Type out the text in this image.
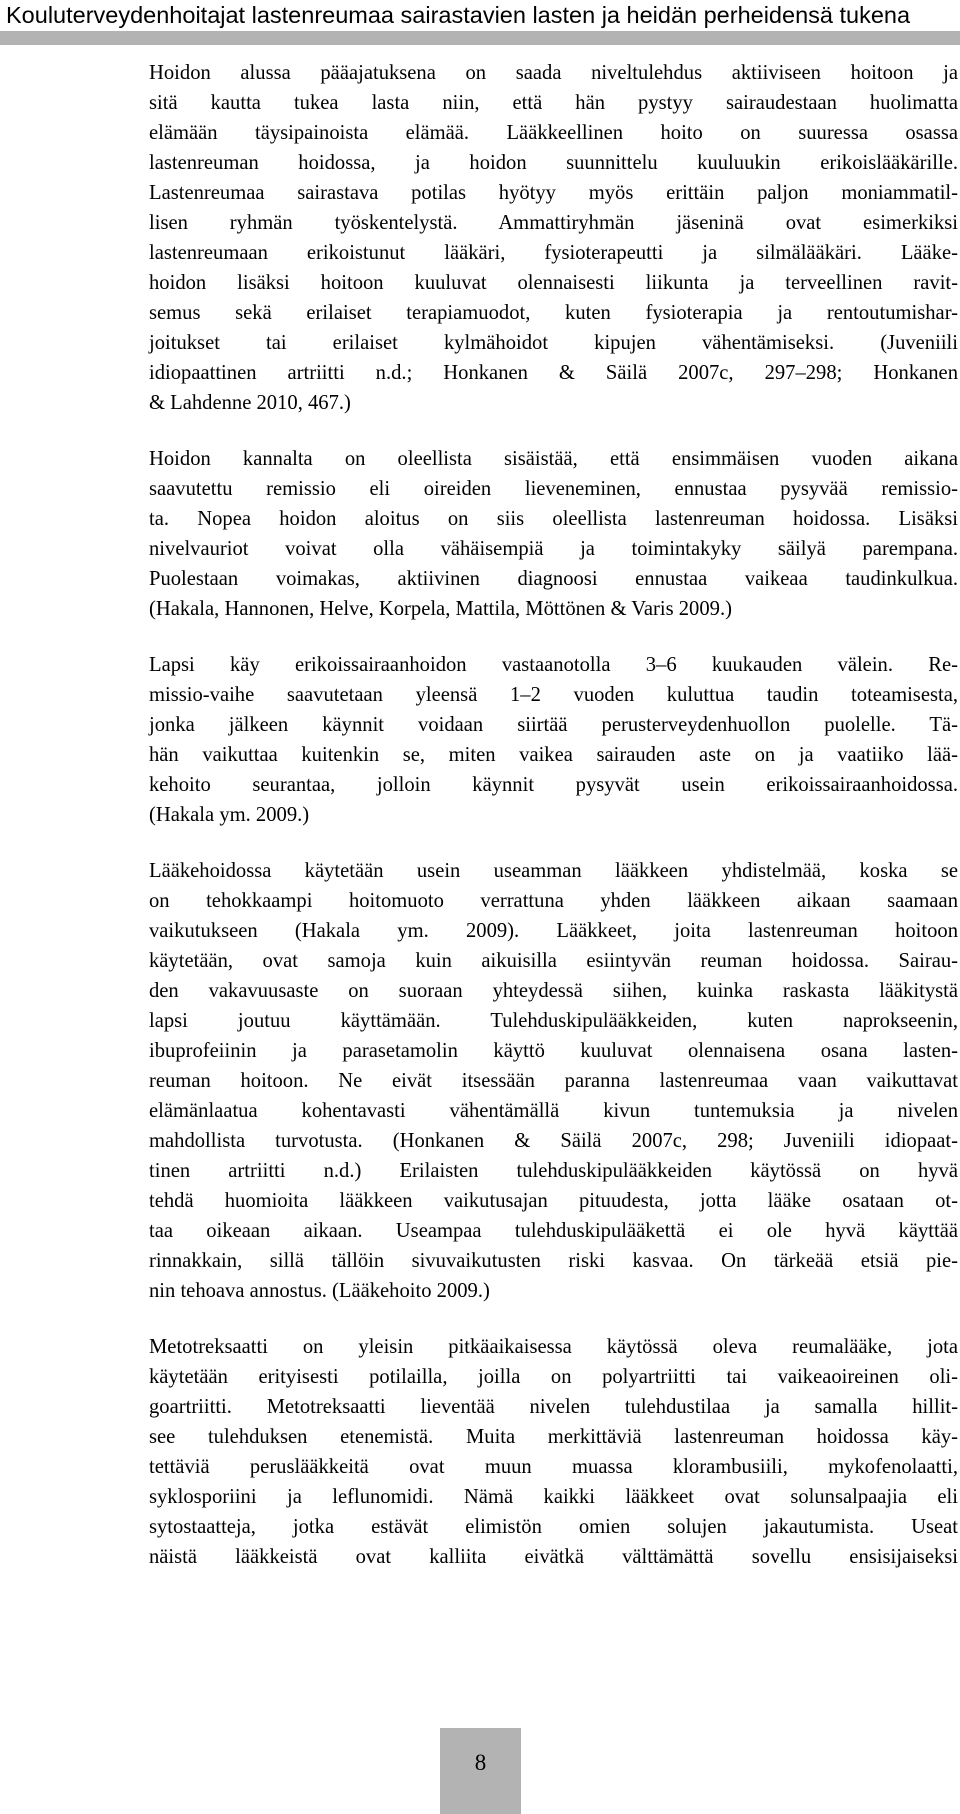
Kouluterveydenhoitajat lastenreumaa sairastavien lasten ja heidän perheidensä tukena

Hoidon alussa pääajatuksena on saada niveltulehdus aktiiviseen hoitoon ja
sitä kautta tukea lasta niin, että hän pystyy sairaudestaan huolimatta
elämään täysipainoista elämää. Lääkkeellinen hoito on suuressa osassa
lastenreuman hoidossa, ja hoidon suunnittelu kuuluukin erikoislääkärille.
Lastenreumaa sairastava potilas hyötyy myös erittäin paljon moniammatil-
lisen ryhmän työskentelystä. Ammattiryhmän jäseninä ovat esimerkiksi
lastenreumaan erikoistunut lääkäri, fysioterapeutti ja silmälääkäri. Lääke-
hoidon lisäksi hoitoon kuuluvat olennaisesti liikunta ja terveellinen ravit-
semus sekä erilaiset terapiamuodot, kuten fysioterapia ja rentoutumishar-
joitukset tai erilaiset kylmähoidot kipujen vähentämiseksi. (Juveniili
idiopaattinen artriitti n.d.; Honkanen & Säilä 2007c, 297–298; Honkanen
& Lahdenne 2010, 467.)

Hoidon kannalta on oleellista sisäistää, että ensimmäisen vuoden aikana
saavutettu remissio eli oireiden lieveneminen, ennustaa pysyvää remissio-
ta. Nopea hoidon aloitus on siis oleellista lastenreuman hoidossa. Lisäksi
nivelvauriot voivat olla vähäisempiä ja toimintakyky säilyä parempana.
Puolestaan voimakas, aktiivinen diagnoosi ennustaa vaikeaa taudinkulkua.
(Hakala, Hannonen, Helve, Korpela, Mattila, Möttönen & Varis 2009.)

Lapsi käy erikoissairaanhoidon vastaanotolla 3–6 kuukauden välein. Re-
missio-vaihe saavutetaan yleensä 1–2 vuoden kuluttua taudin toteamisesta,
jonka jälkeen käynnit voidaan siirtää perusterveydenhuollon puolelle. Tä-
hän vaikuttaa kuitenkin se, miten vaikea sairauden aste on ja vaatiiko lää-
kehoito seurantaa, jolloin käynnit pysyvät usein erikoissairaanhoidossa.
(Hakala ym. 2009.)

Lääkehoidossa käytetään usein useamman lääkkeen yhdistelmää, koska se
on tehokkaampi hoitomuoto verrattuna yhden lääkkeen aikaan saamaan
vaikutukseen (Hakala ym. 2009). Lääkkeet, joita lastenreuman hoitoon
käytetään, ovat samoja kuin aikuisilla esiintyvän reuman hoidossa. Sairau-
den vakavuusaste on suoraan yhteydessä siihen, kuinka raskasta lääkitystä
lapsi joutuu käyttämään. Tulehduskipulääkkeiden, kuten naprokseenin,
ibuprofeiinin ja parasetamolin käyttö kuuluvat olennaisena osana lasten-
reuman hoitoon. Ne eivät itsessään paranna lastenreumaa vaan vaikuttavat
elämänlaatua kohentavasti vähentämällä kivun tuntemuksia ja nivelen
mahdollista turvotusta. (Honkanen & Säilä 2007c, 298; Juveniili idiopaat-
tinen artriitti n.d.) Erilaisten tulehduskipulääkkeiden käytössä on hyvä
tehdä huomioita lääkkeen vaikutusajan pituudesta, jotta lääke osataan ot-
taa oikeaan aikaan. Useampaa tulehduskipulääkettä ei ole hyvä käyttää
rinnakkain, sillä tällöin sivuvaikutusten riski kasvaa. On tärkeää etsiä pie-
nin tehoava annostus. (Lääkehoito 2009.)

Metotreksaatti on yleisin pitkäaikaisessa käytössä oleva reumalääke, jota
käytetään erityisesti potilailla, joilla on polyartriitti tai vaikeaoireinen oli-
goartriitti. Metotreksaatti lieventää nivelen tulehdustilaa ja samalla hillit-
see tulehduksen etenemistä. Muita merkittäviä lastenreuman hoidossa käy-
tettäviä peruslääkkeitä ovat muun muassa klorambusiili, mykofenolaatti,
syklosporiini ja leflunomidi. Nämä kaikki lääkkeet ovat solunsalpaajia eli
sytostaatteja, jotka estävät elimistön omien solujen jakautumista. Useat
näistä lääkkeistä ovat kalliita eivätkä välttämättä sovellu ensisijaiseksi

8
